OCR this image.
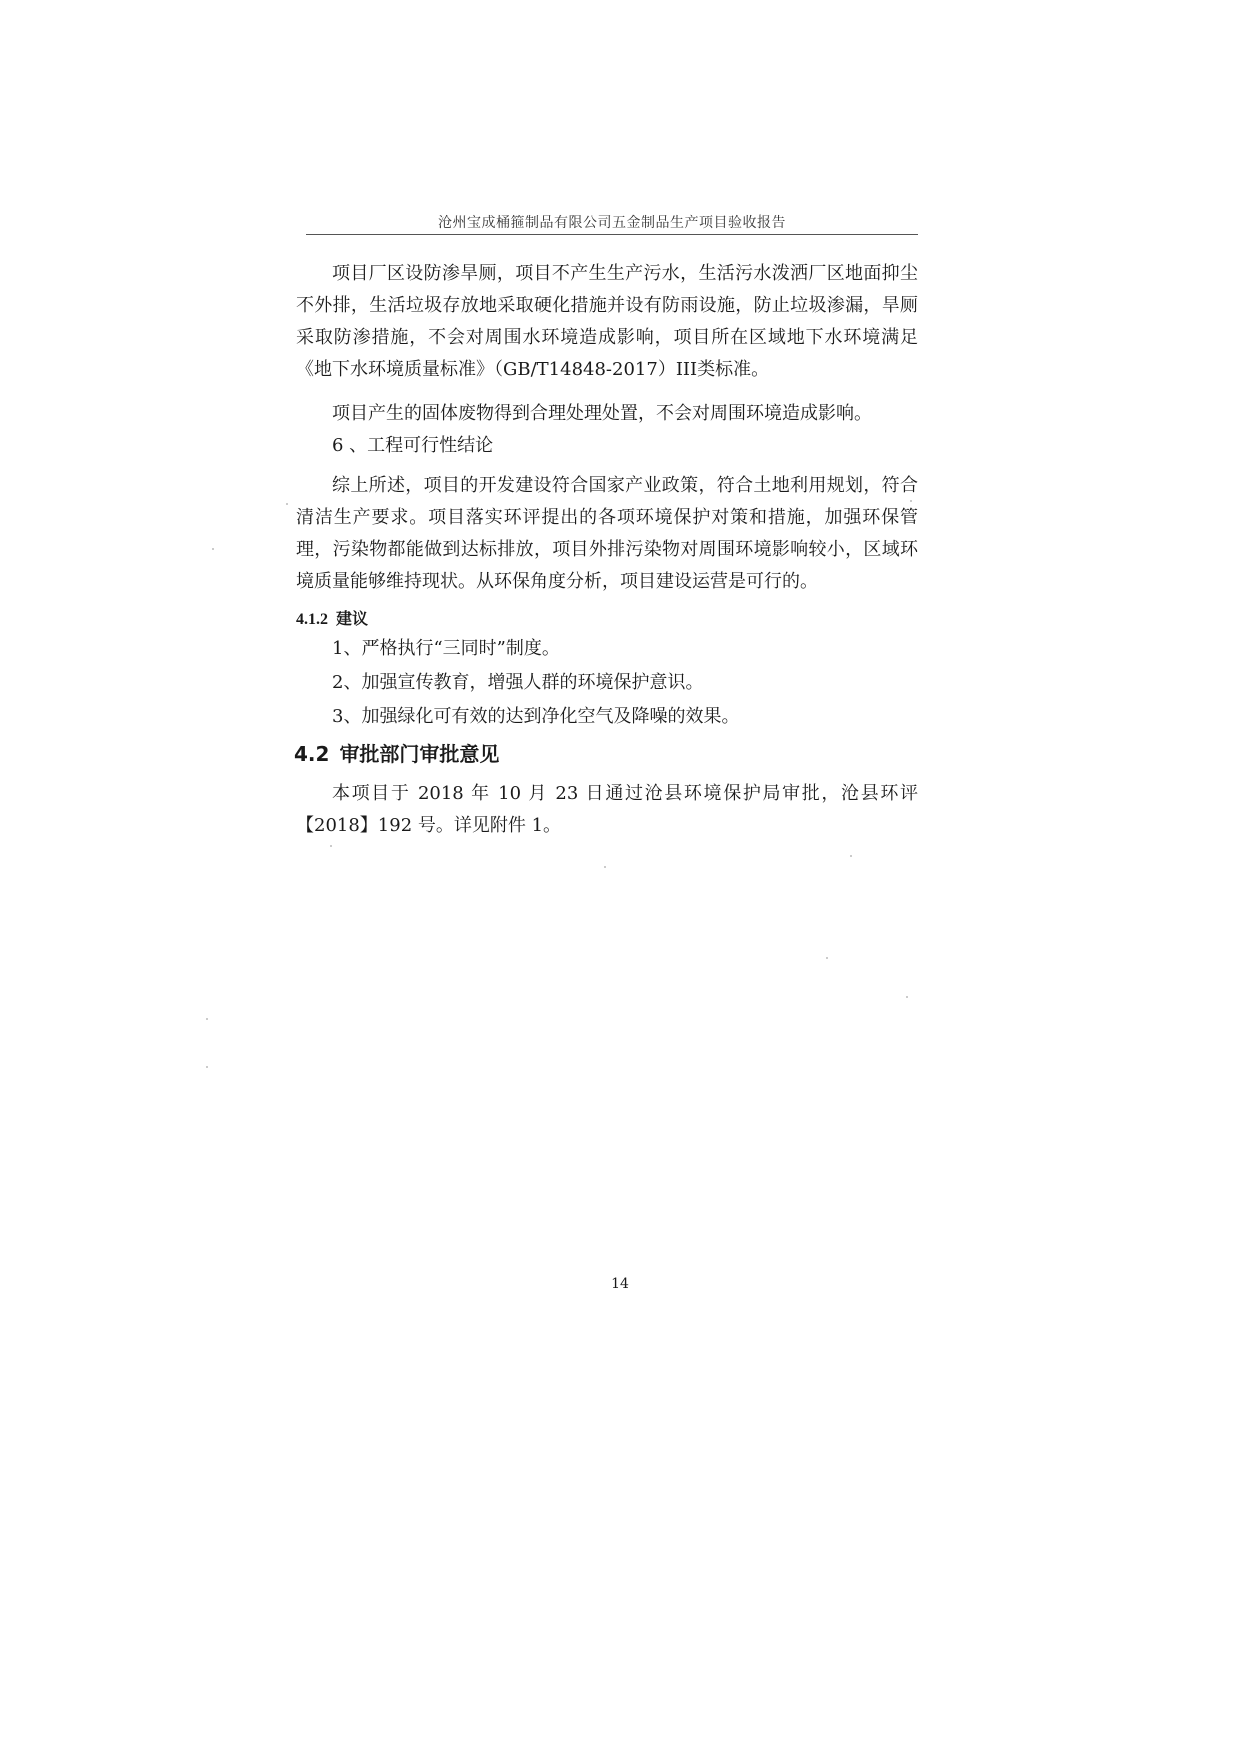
沧州宝成桶箍制品有限公司五金制品生产项目验收报告

项目厂区设防渗旱厕，项目不产生生产污水，生活污水泼洒厂区地面抑尘不外排，生活垃圾存放地采取硬化措施并设有防雨设施，防止垃圾渗漏，旱厕采取防渗措施，不会对周围水环境造成影响，项目所在区域地下水环境满足《地下水环境质量标准》（GB/T14848-2017）III类标准。

项目产生的固体废物得到合理处理处置，不会对周围环境造成影响。

6 、工程可行性结论

综上所述，项目的开发建设符合国家产业政策，符合土地利用规划，符合清洁生产要求。项目落实环评提出的各项环境保护对策和措施，加强环保管理，污染物都能做到达标排放，项目外排污染物对周围环境影响较小，区域环境质量能够维持现状。从环保角度分析，项目建设运营是可行的。

4.1.2 建议
1、严格执行“三同时”制度。
2、加强宣传教育，增强人群的环境保护意识。
3、加强绿化可有效的达到净化空气及降噪的效果。
4.2 审批部门审批意见

本项目于 2018 年 10 月 23 日通过沧县环境保护局审批，沧县环评【2018】192 号。详见附件 1。

14
